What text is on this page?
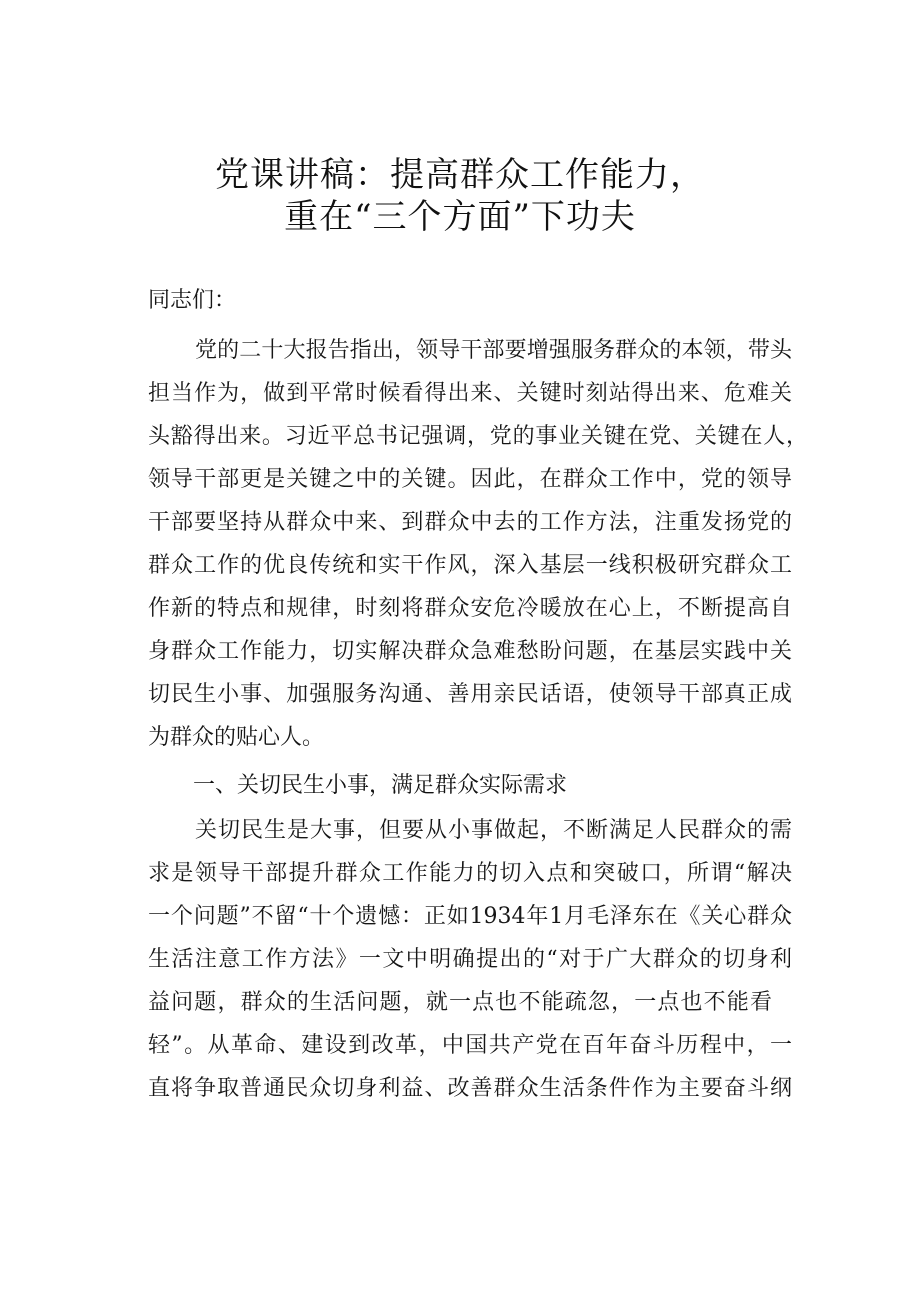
党课讲稿：提高群众工作能力，
重在“三个方面”下功夫
同志们：
党的二十大报告指出，领导干部要增强服务群众的本领，带头
担当作为，做到平常时候看得出来、关键时刻站得出来、危难关
头豁得出来。习近平总书记强调，党的事业关键在党、关键在人，
领导干部更是关键之中的关键。因此，在群众工作中，党的领导
干部要坚持从群众中来、到群众中去的工作方法，注重发扬党的
群众工作的优良传统和实干作风，深入基层一线积极研究群众工
作新的特点和规律，时刻将群众安危冷暖放在心上，不断提高自
身群众工作能力，切实解决群众急难愁盼问题，在基层实践中关
切民生小事、加强服务沟通、善用亲民话语，使领导干部真正成
为群众的贴心人。
一、关切民生小事，满足群众实际需求
关切民生是大事，但要从小事做起，不断满足人民群众的需
求是领导干部提升群众工作能力的切入点和突破口，所谓“解决
一个问题”不留“十个遗憾：正如1934年1月毛泽东在《关心群众
生活注意工作方法》一文中明确提出的“对于广大群众的切身利
益问题，群众的生活问题，就一点也不能疏忽，一点也不能看
轻”。从革命、建设到改革，中国共产党在百年奋斗历程中，一
直将争取普通民众切身利益、改善群众生活条件作为主要奋斗纲
